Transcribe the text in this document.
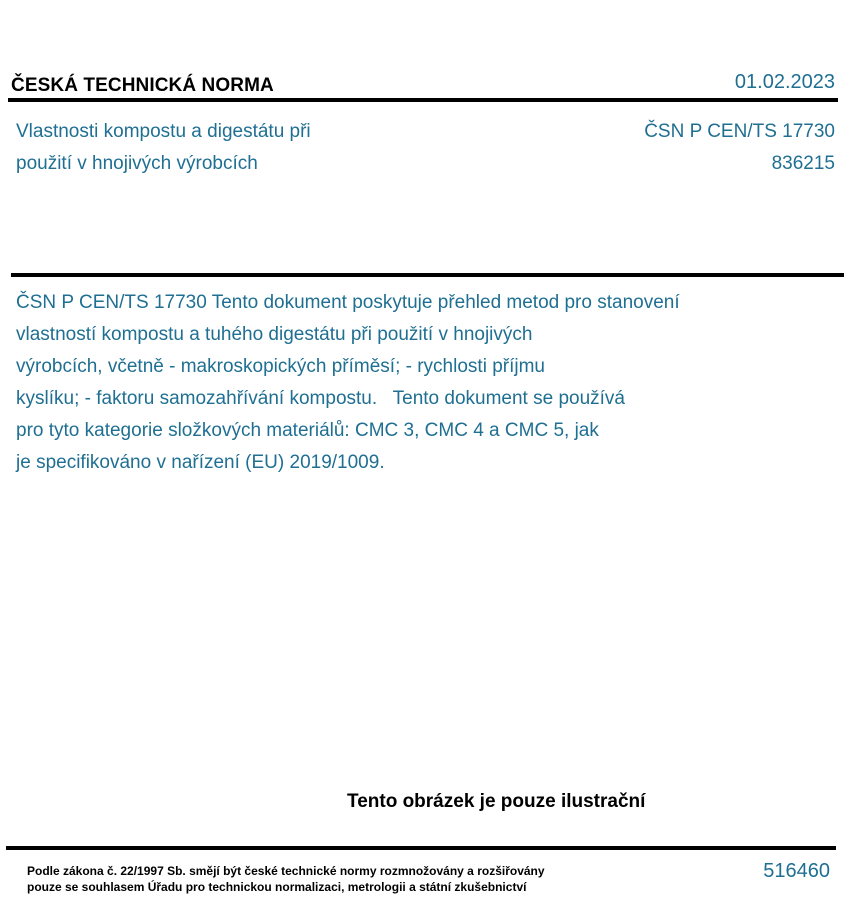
ČESKÁ TECHNICKÁ NORMA	01.02.2023
Vlastnosti kompostu a digestátu při
použití v hnojivých výrobcích
ČSN P CEN/TS 17730
836215
ČSN P CEN/TS 17730 Tento dokument poskytuje přehled metod pro stanovení
vlastností kompostu a tuhého digestátu při použití v hnojivých
výrobcích, včetně - makroskopických příměsí; - rychlosti příjmu
kyslíku; - faktoru samozahřívání kompostu.   Tento dokument se používá
pro tyto kategorie složkových materiálů: CMC 3, CMC 4 a CMC 5, jak
je specifikováno v nařízení (EU) 2019/1009.
Tento obrázek je pouze ilustrační
Podle zákona č. 22/1997 Sb. smějí být české technické normy rozmnožovány a rozšiřovány
pouze se souhlasem Úřadu pro technickou normalizaci, metrologii a státní zkušebnictví
516460
